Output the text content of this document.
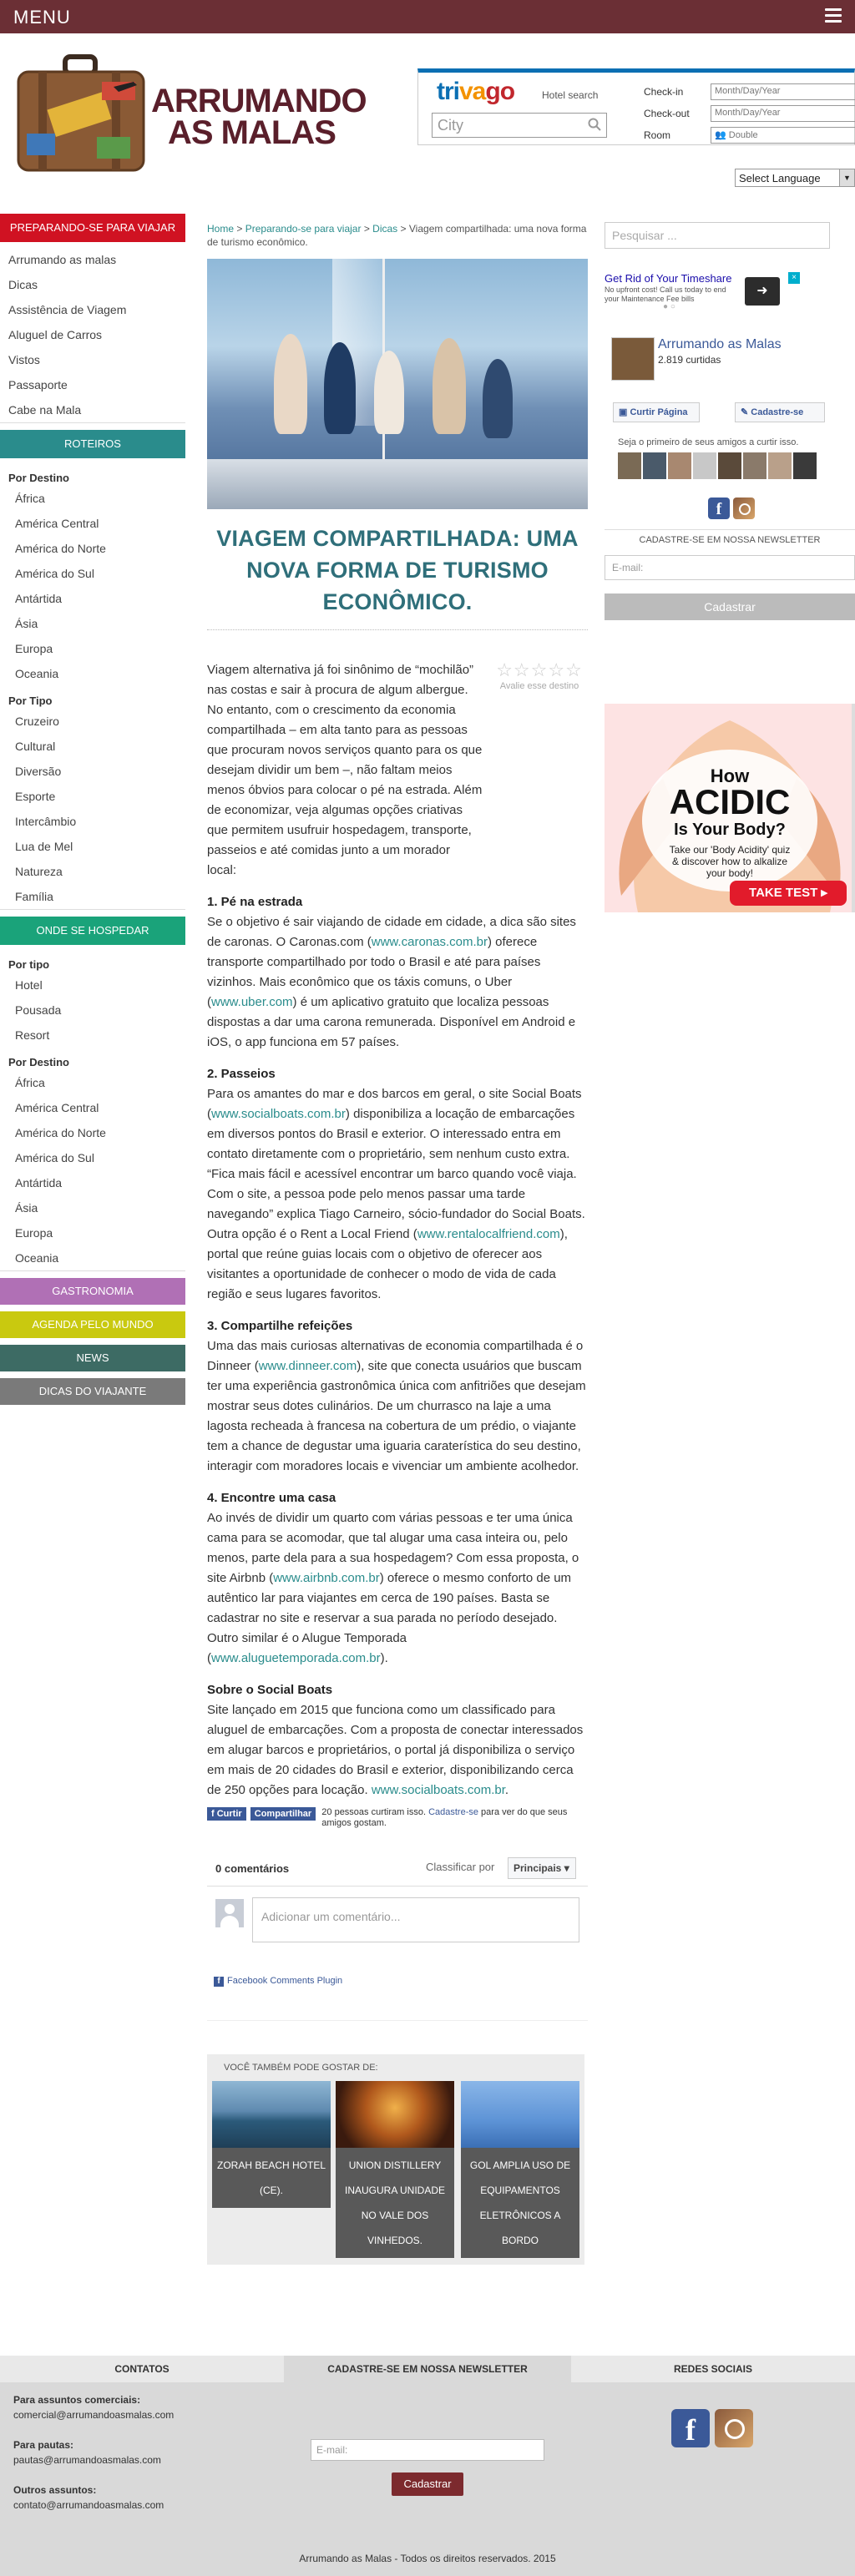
MENU
ARRUMANDO
AS MALAS
trivago	Hotel search
City
Check-in	Month/Day/Year
Check-out	Month/Day/Year
Room	👥 Double
Select Language	▼
PREPARANDO-SE PARA VIAJAR
Arrumando as malas
Dicas
Assistência de Viagem
Aluguel de Carros
Vistos
Passaporte
Cabe na Mala
ROTEIROS
Por Destino
África
América Central
América do Norte
América do Sul
Antártida
Ásia
Europa
Oceania
Por Tipo
Cruzeiro
Cultural
Diversão
Esporte
Intercâmbio
Lua de Mel
Natureza
Família
ONDE SE HOSPEDAR
Por tipo
Hotel
Pousada
Resort
Por Destino
África
América Central
América do Norte
América do Sul
Antártida
Ásia
Europa
Oceania
GASTRONOMIA
AGENDA PELO MUNDO
NEWS
DICAS DO VIAJANTE
Home > Preparando-se para viajar > Dicas > Viagem compartilhada: uma nova forma de turismo econômico.
VIAGEM COMPARTILHADA: UMA NOVA FORMA DE TURISMO ECONÔMICO.
☆☆☆☆☆
Avalie esse destino

Viagem alternativa já foi sinônimo de “mochilão” nas costas e sair à procura de algum albergue. No entanto, com o crescimento da economia compartilhada – em alta tanto para as pessoas que procuram novos serviços quanto para os que desejam dividir um bem –, não faltam meios menos óbvios para colocar o pé na estrada. Além de economizar, veja algumas opções criativas que permitem usufruir hospedagem, transporte, passeios e até comidas junto a um morador local:

1. Pé na estrada

Se o objetivo é sair viajando de cidade em cidade, a dica são sites de caronas. O Caronas.com (www.caronas.com.br) oferece transporte compartilhado por todo o Brasil e até para países vizinhos. Mais econômico que os táxis comuns, o Uber (www.uber.com) é um aplicativo gratuito que localiza pessoas dispostas a dar uma carona remunerada. Disponível em Android e iOS, o app funciona em 57 países.

2. Passeios

Para os amantes do mar e dos barcos em geral, o site Social Boats (www.socialboats.com.br) disponibiliza a locação de embarcações em diversos pontos do Brasil e exterior. O interessado entra em contato diretamente com o proprietário, sem nenhum custo extra. “Fica mais fácil e acessível encontrar um barco quando você viaja. Com o site, a pessoa pode pelo menos passar uma tarde navegando” explica Tiago Carneiro, sócio-fundador do Social Boats. Outra opção é o Rent a Local Friend (www.rentalocalfriend.com), portal que reúne guias locais com o objetivo de oferecer aos visitantes a oportunidade de conhecer o modo de vida de cada região e seus lugares favoritos.

3. Compartilhe refeições

Uma das mais curiosas alternativas de economia compartilhada é o Dinneer (www.dinneer.com), site que conecta usuários que buscam ter uma experiência gastronômica única com anfitriões que desejam mostrar seus dotes culinários. De um churrasco na laje a uma lagosta recheada à francesa na cobertura de um prédio, o viajante tem a chance de degustar uma iguaria caraterística do seu destino, interagir com moradores locais e vivenciar um ambiente acolhedor.

4. Encontre uma casa

Ao invés de dividir um quarto com várias pessoas e ter uma única cama para se acomodar, que tal alugar uma casa inteira ou, pelo menos, parte dela para a sua hospedagem? Com essa proposta, o site Airbnb (www.airbnb.com.br) oferece o mesmo conforto de um autêntico lar para viajantes em cerca de 190 países. Basta se cadastrar no site e reservar a sua parada no período desejado. Outro similar é o Alugue Temporada (www.aluguetemporada.com.br).

Sobre o Social Boats

Site lançado em 2015 que funciona como um classificado para aluguel de embarcações. Com a proposta de conectar interessados em alugar barcos e proprietários, o portal já disponibiliza o serviço em mais de 20 cidades do Brasil e exterior, disponibilizando cerca de 250 opções para locação. www.socialboats.com.br.

f Curtir Compartilhar 20 pessoas curtiram isso. Cadastre-se para ver do que seus amigos gostam.
0 comentários	Classificar por	Principais ▾
Adicionar um comentário...
f Facebook Comments Plugin
VOCÊ TAMBÉM PODE GOSTAR DE:
ZORAH BEACH HOTEL (CE).
UNION DISTILLERY INAUGURA UNIDADE NO VALE DOS VINHEDOS.
GOL AMPLIA USO DE EQUIPAMENTOS ELETRÔNICOS A BORDO
Pesquisar ...
Get Rid of Your Timeshare
No upfront cost! Call us today to end your Maintenance Fee bills
➜
×
● ○
Arrumando as Malas
2.819 curtidas
▣ Curtir Página	✎ Cadastre-se
Seja o primeiro de seus amigos a curtir isso.
f
CADASTRE-SE EM NOSSA NEWSLETTER
E-mail:
Cadastrar
How
ACIDIC
Is Your Body?
Take our 'Body Acidity' quiz & discover how to alkalize your body!
TAKE TEST ▸
CONTATOS	CADASTRE-SE EM NOSSA NEWSLETTER	REDES SOCIAIS
Para assuntos comerciais:
comercial@arrumandoasmalas.com
Para pautas:
pautas@arrumandoasmalas.com
Outros assuntos:
contato@arrumandoasmalas.com
E-mail:
Cadastrar
f
Arrumando as Malas - Todos os direitos reservados. 2015
